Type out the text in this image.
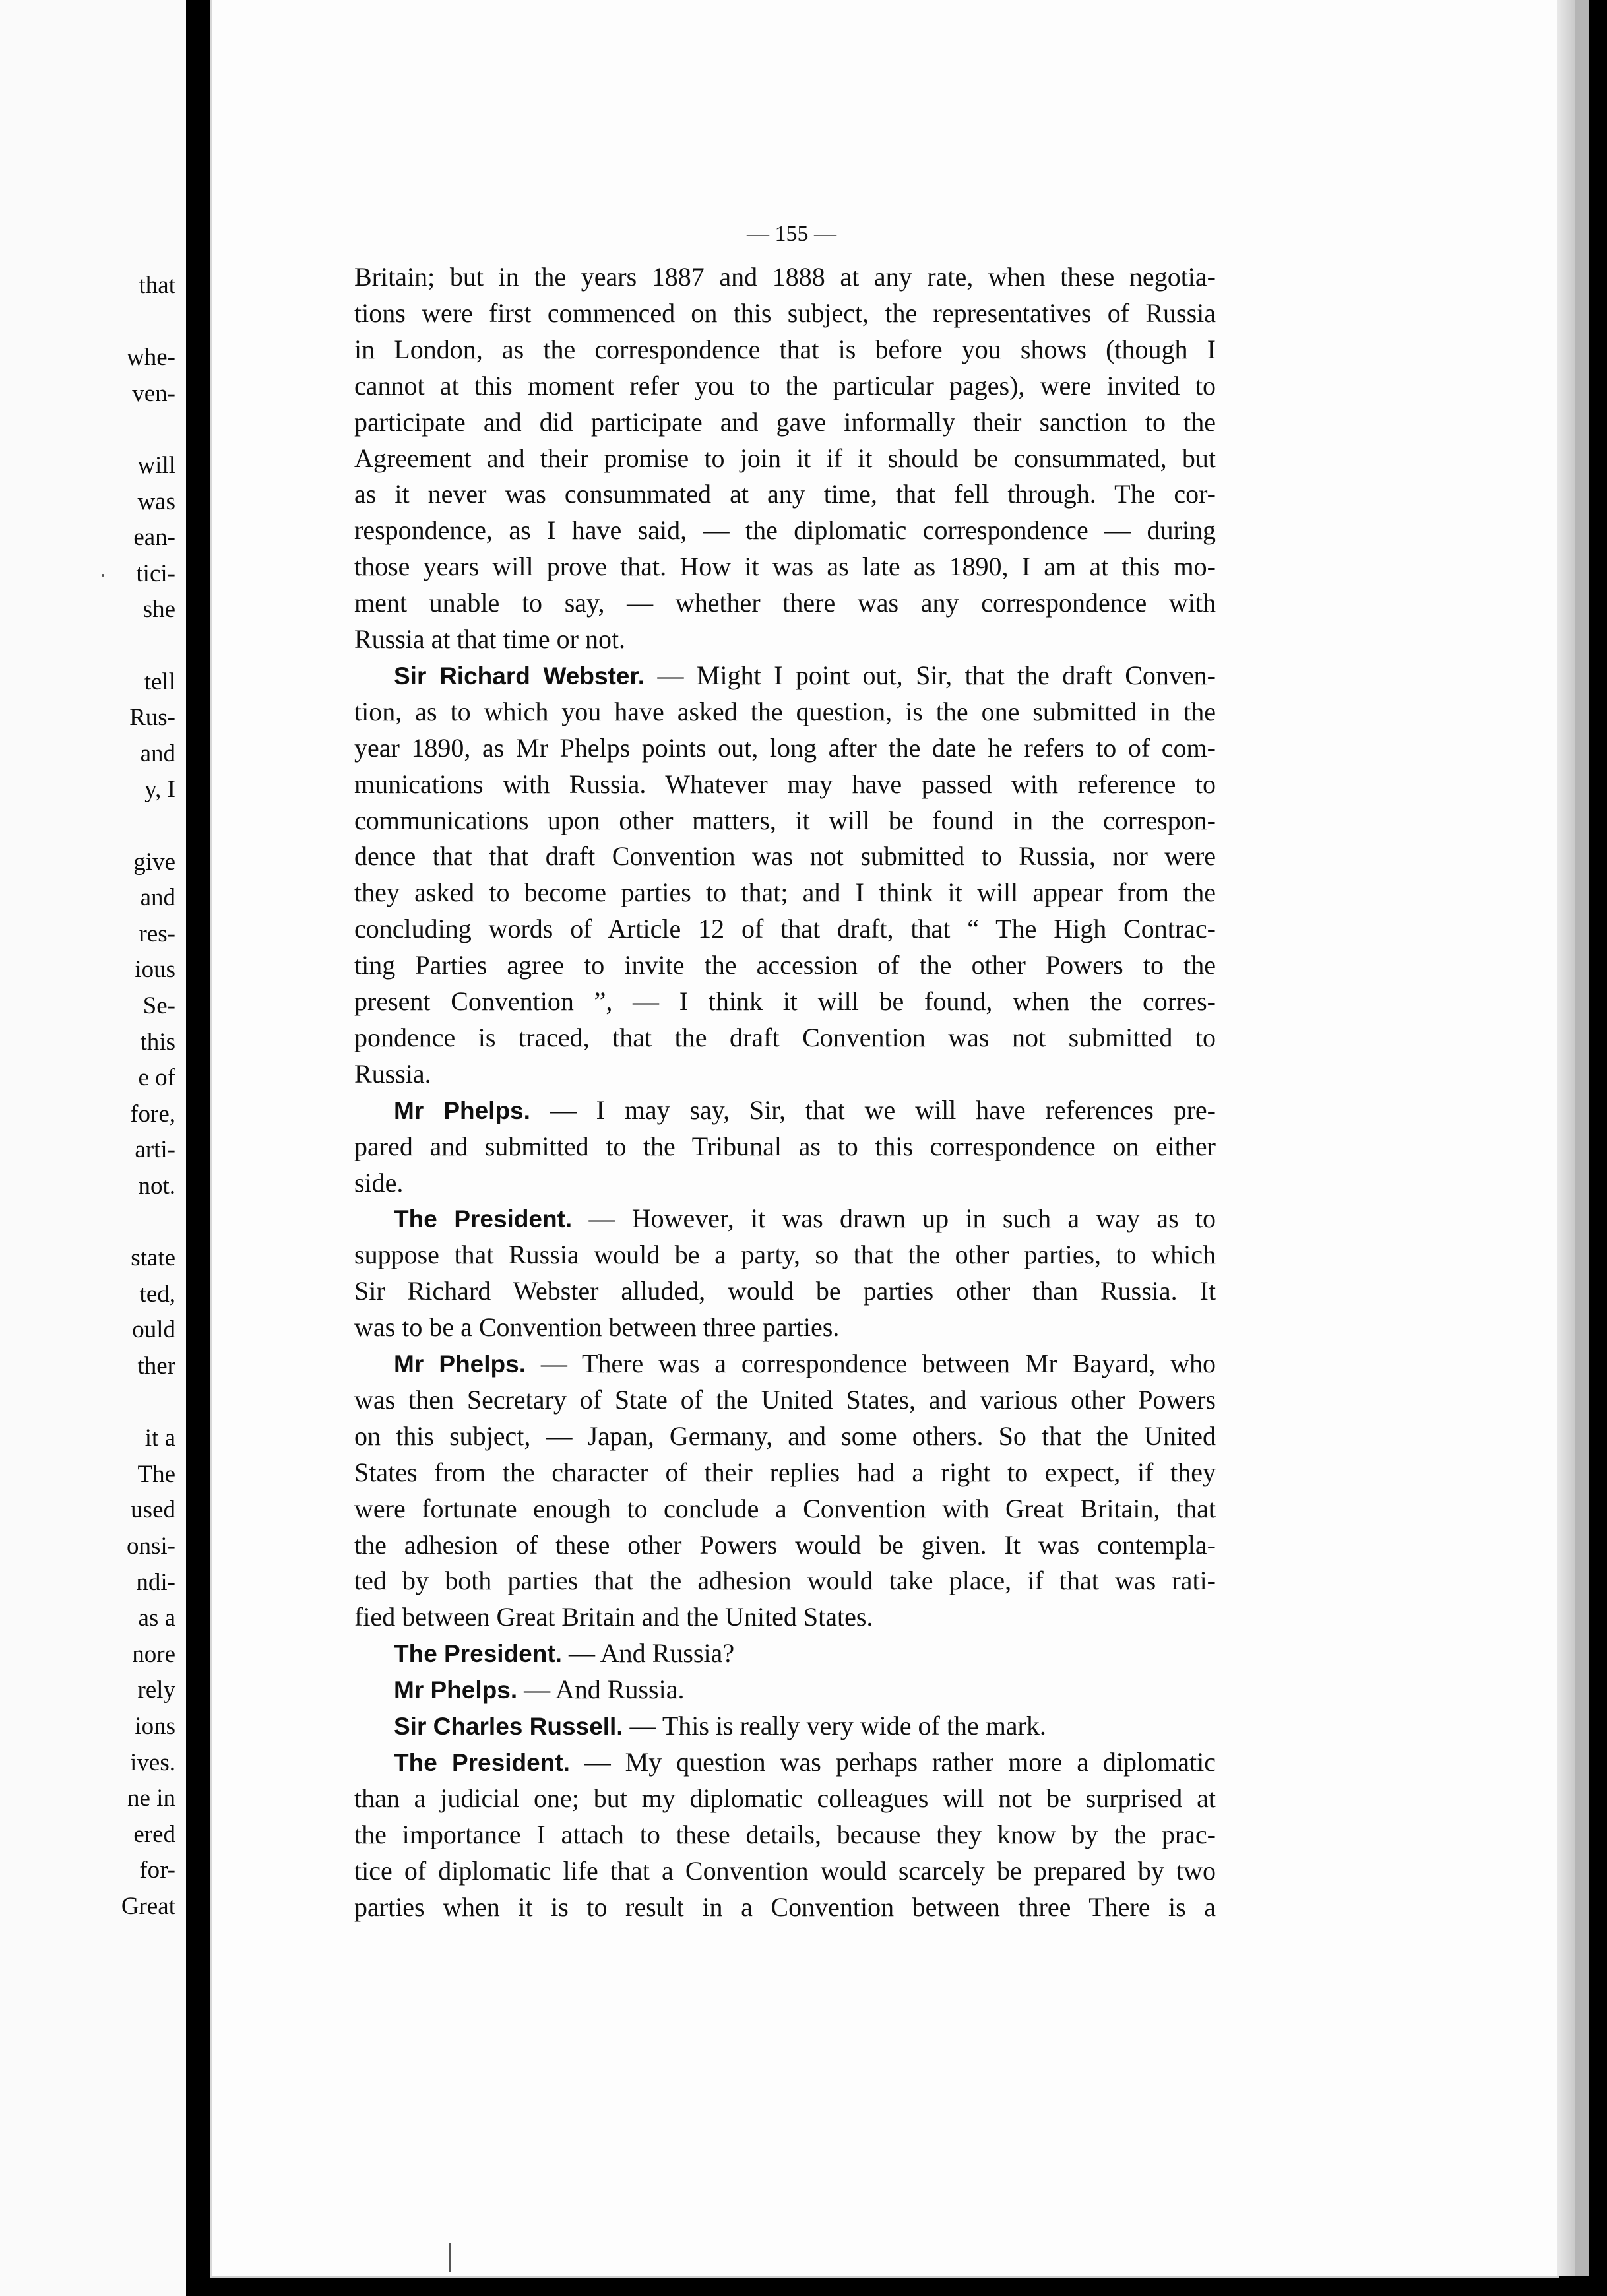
that
whe-
ven-
will
was
ean-
tici-
she
tell
Rus-
and
y, I
give
and
res-
ious
Se-
this
e of
fore,
arti-
not.
state
ted,
ould
ther
it a
The
used
onsi-
ndi-
as a
nore
rely
ions
ives.
ne in
ered
for-
Great
— 155 —
Britain; but in the years 1887 and 1888 at any rate, when these negotia-
tions were first commenced on this subject, the representatives of Russia
in London, as the correspondence that is before you shows (though I
cannot at this moment refer you to the particular pages), were invited to
participate and did participate and gave informally their sanction to the
Agreement and their promise to join it if it should be consummated, but
as it never was consummated at any time, that fell through. The cor-
respondence, as I have said, — the diplomatic correspondence — during
those years will prove that. How it was as late as 1890, I am at this mo-
ment unable to say, — whether there was any correspondence with
Russia at that time or not.
Sir Richard Webster. — Might I point out, Sir, that the draft Conven-
tion, as to which you have asked the question, is the one submitted in the
year 1890, as Mr Phelps points out, long after the date he refers to of com-
munications with Russia. Whatever may have passed with reference to
communications upon other matters, it will be found in the correspon-
dence that that draft Convention was not submitted to Russia, nor were
they asked to become parties to that; and I think it will appear from the
concluding words of Article 12 of that draft, that “ The High Contrac-
ting Parties agree to invite the accession of the other Powers to the
present Convention ”, — I think it will be found, when the corres-
pondence is traced, that the draft Convention was not submitted to
Russia.
Mr Phelps. — I may say, Sir, that we will have references pre-
pared and submitted to the Tribunal as to this correspondence on either
side.
The President. — However, it was drawn up in such a way as to
suppose that Russia would be a party, so that the other parties, to which
Sir Richard Webster alluded, would be parties other than Russia. It
was to be a Convention between three parties.
Mr Phelps. — There was a correspondence between Mr Bayard, who
was then Secretary of State of the United States, and various other Powers
on this subject, — Japan, Germany, and some others. So that the United
States from the character of their replies had a right to expect, if they
were fortunate enough to conclude a Convention with Great Britain, that
the adhesion of these other Powers would be given. It was contempla-
ted by both parties that the adhesion would take place, if that was rati-
fied between Great Britain and the United States.
The President. — And Russia?
Mr Phelps. — And Russia.
Sir Charles Russell. — This is really very wide of the mark.
The President. — My question was perhaps rather more a diplomatic
than a judicial one; but my diplomatic colleagues will not be surprised at
the importance I attach to these details, because they know by the prac-
tice of diplomatic life that a Convention would scarcely be prepared by two
parties when it is to result in a Convention between three There is a
